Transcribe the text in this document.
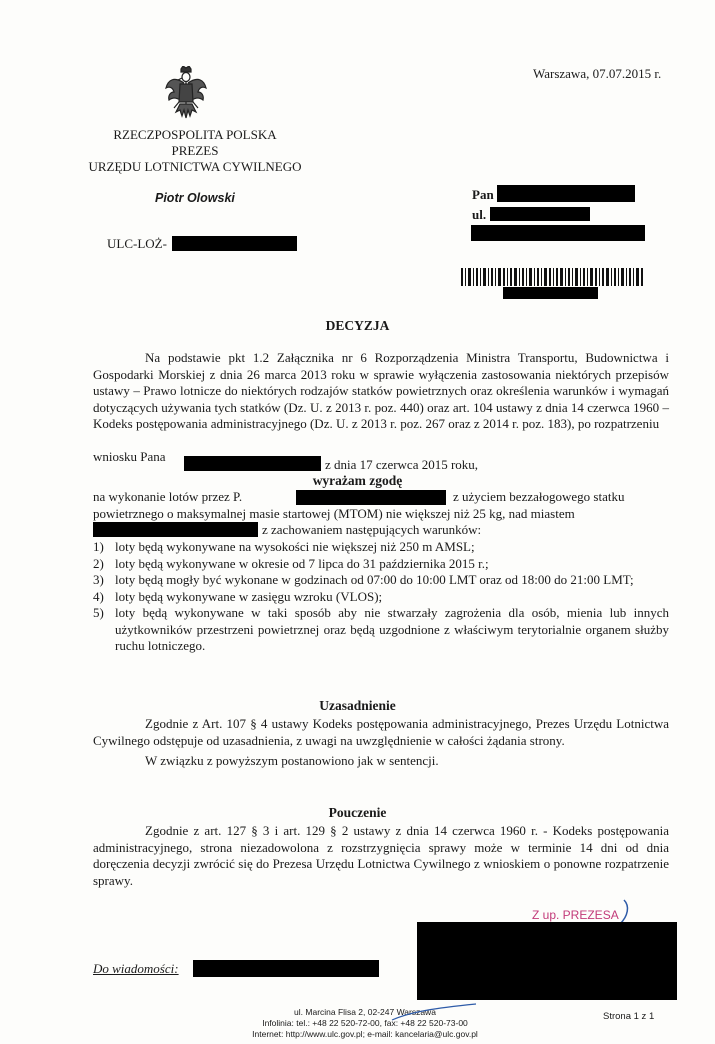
Warszawa, 07.07.2015 r.
RZECZPOSPOLITA POLSKA
PREZES
URZĘDU LOTNICTWA CYWILNEGO
Piotr Olowski
ULC-LOŻ-
Pan
ul.
DECYZJA

Na podstawie pkt 1.2 Załącznika nr 6 Rozporządzenia Ministra Transportu, Budownictwa i Gospodarki Morskiej z dnia 26 marca 2013 roku w sprawie wyłączenia zastosowania niektórych przepisów ustawy – Prawo lotnicze do niektórych rodzajów statków powietrznych oraz określenia warunków i wymagań dotyczących używania tych statków (Dz. U. z 2013 r. poz. 440) oraz art. 104 ustawy z dnia 14 czerwca 1960 – Kodeks postępowania administracyjnego (Dz. U. z 2013 r. poz. 267 oraz z 2014 r. poz. 183), po rozpatrzeniu

wniosku Pana
z dnia 17 czerwca 2015 roku,
wyrażam zgodę
na wykonanie lotów przez P.	z użyciem bezzałogowego statku
powietrznego o maksymalnej masie startowej (MTOM) nie większej niż 25 kg, nad miastem
z zachowaniem następujących warunków:
1) loty będą wykonywane na wysokości nie większej niż 250 m AMSL;
2) loty będą wykonywane w okresie od 7 lipca do 31 października 2015 r.;
3) loty będą mogły być wykonane w godzinach od 07:00 do 10:00 LMT oraz od 18:00 do 21:00 LMT;
4) loty będą wykonywane w zasięgu wzroku (VLOS);
5) loty będą wykonywane w taki sposób aby nie stwarzały zagrożenia dla osób, mienia lub innych użytkowników przestrzeni powietrznej oraz będą uzgodnione z właściwym terytorialnie organem służby ruchu lotniczego.
Uzasadnienie

Zgodnie z Art. 107 § 4 ustawy Kodeks postępowania administracyjnego, Prezes Urzędu Lotnictwa Cywilnego odstępuje od uzasadnienia, z uwagi na uwzględnienie w całości żądania strony.

W związku z powyższym postanowiono jak w sentencji.

Pouczenie

Zgodnie z art. 127 § 3 i art. 129 § 2 ustawy z dnia 14 czerwca 1960 r. - Kodeks postępowania administracyjnego, strona niezadowolona z rozstrzygnięcia sprawy może w terminie 14 dni od dnia doręczenia decyzji zwrócić się do Prezesa Urzędu Lotnictwa Cywilnego z wnioskiem o ponowne rozpatrzenie sprawy.

Z up. PREZESA
Do wiadomości:
ul. Marcina Flisa 2, 02-247 Warszawa
Infolinia: tel.: +48 22 520-72-00, fax: +48 22 520-73-00
Internet: http://www.ulc.gov.pl; e-mail: kancelaria@ulc.gov.pl
Strona 1 z 1
